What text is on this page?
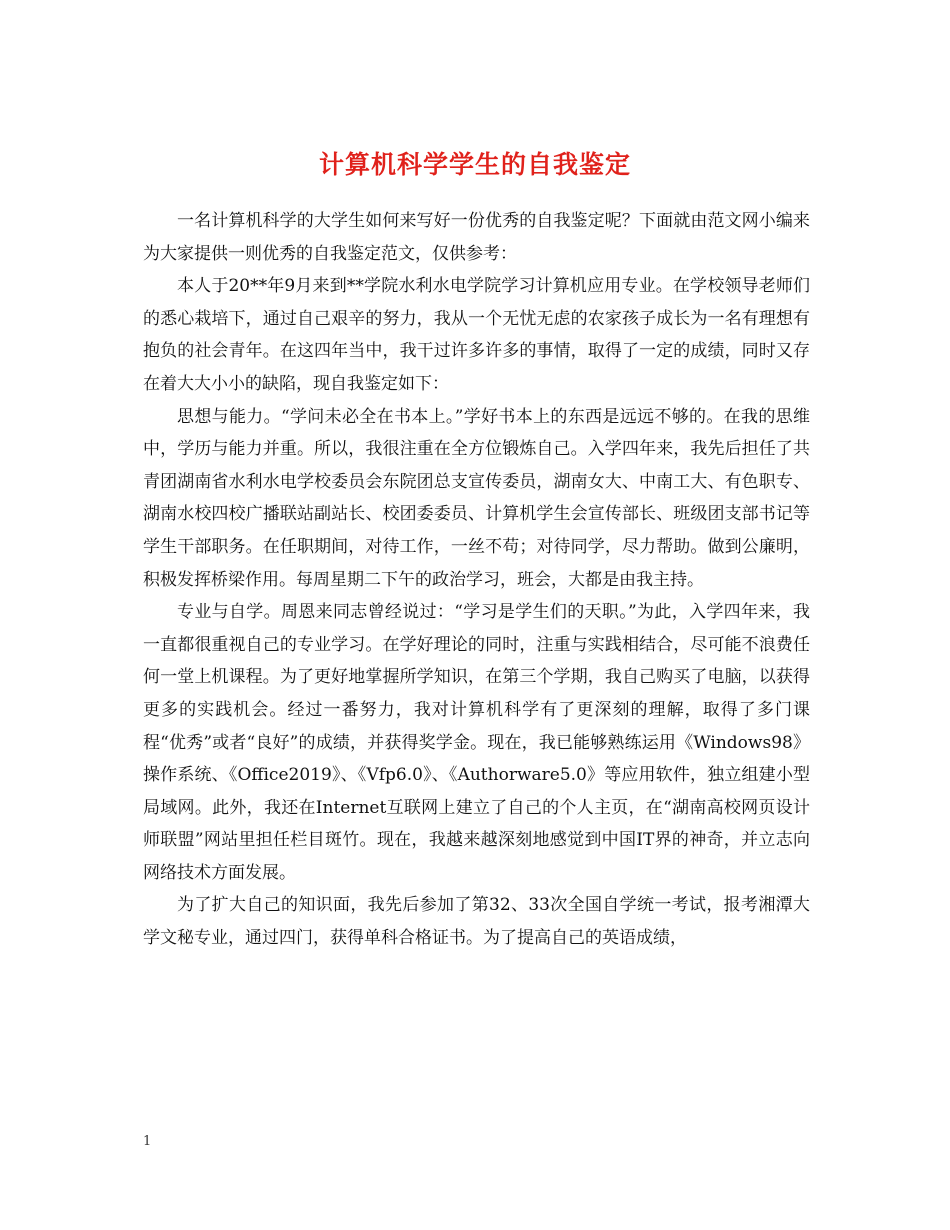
计算机科学学生的自我鉴定

一名计算机科学的大学生如何来写好一份优秀的自我鉴定呢？下面就由范文网小编来为大家提供一则优秀的自我鉴定范文，仅供参考：

本人于20**年9月来到**学院水利水电学院学习计算机应用专业。在学校领导老师们的悉心栽培下，通过自己艰辛的努力，我从一个无忧无虑的农家孩子成长为一名有理想有抱负的社会青年。在这四年当中，我干过许多许多的事情，取得了一定的成绩，同时又存在着大大小小的缺陷，现自我鉴定如下：

思想与能力。“学问未必全在书本上。”学好书本上的东西是远远不够的。在我的思维中，学历与能力并重。所以，我很注重在全方位锻炼自己。入学四年来，我先后担任了共青团湖南省水利水电学校委员会东院团总支宣传委员，湖南女大、中南工大、有色职专、湖南水校四校广播联站副站长、校团委委员、计算机学生会宣传部长、班级团支部书记等学生干部职务。在任职期间，对待工作，一丝不苟；对待同学，尽力帮助。做到公廉明，积极发挥桥梁作用。每周星期二下午的政治学习，班会，大都是由我主持。

专业与自学。周恩来同志曾经说过：“学习是学生们的天职。”为此，入学四年来，我一直都很重视自己的专业学习。在学好理论的同时，注重与实践相结合，尽可能不浪费任何一堂上机课程。为了更好地掌握所学知识，在第三个学期，我自己购买了电脑，以获得更多的实践机会。经过一番努力，我对计算机科学有了更深刻的理解，取得了多门课程“优秀”或者“良好”的成绩，并获得奖学金。现在，我已能够熟练运用《Windows98》操作系统、《Office2019》、《Vfp6.0》、《Authorware5.0》等应用软件，独立组建小型局域网。此外，我还在Internet互联网上建立了自己的个人主页，在“湖南高校网页设计师联盟”网站里担任栏目斑竹。现在，我越来越深刻地感觉到中国IT界的神奇，并立志向网络技术方面发展。

为了扩大自己的知识面，我先后参加了第32、33次全国自学统一考试，报考湘潭大学文秘专业，通过四门，获得单科合格证书。为了提高自己的英语成绩，

1
